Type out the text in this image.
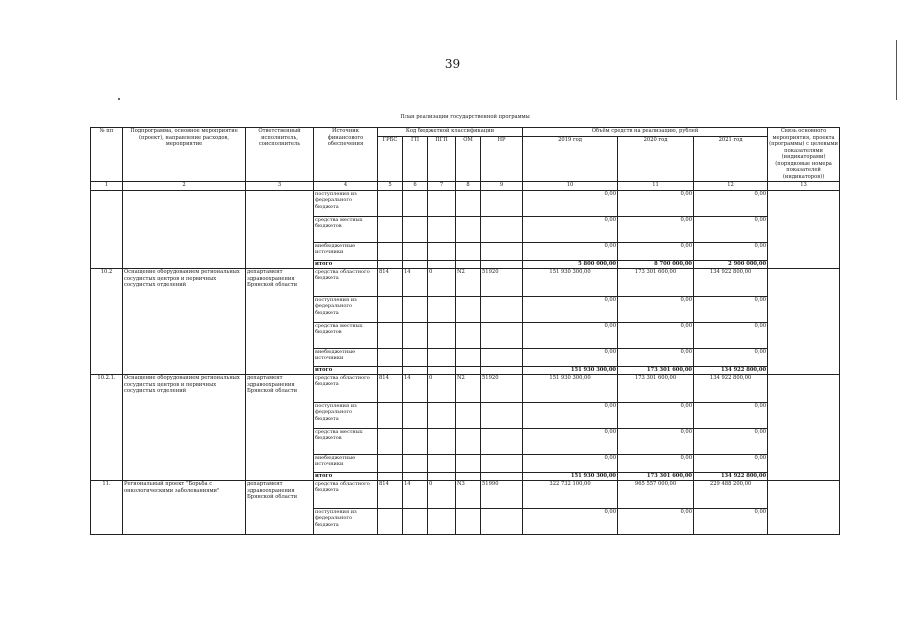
39
План реализации государственной программы
№ пп	Подпрограмма, основное мероприятие (проект), направление расходов, мероприятие	Ответственный исполнитель, соисполнитель	Источник финансового обеспечения	Код бюджетной классификации					Объём средств на реализацию, рублей			Связь основного мероприятия, проекта (программы) с целевыми показателями (индикаторами) (порядковые номера показателей (индикаторов))
				ГРБС	ГП	ПГП	ОМ	НР	2019 год	2020 год	2021 год	
1	2	3	4	5	6	7	8	9	10	11	12	13
			поступления из федерального бюджета						0,00	0,00	0,00	
			средства местных бюджетов						0,00	0,00	0,00	
			внебюджетные источники						0,00	0,00	0,00	
			итого						5 800 000,00	8 700 000,00	2 900 000,00	
10.2	Оснащение оборудованием региональных сосудистых центров и первичных сосудистых отделений	департамент здравоохранения Брянской области	средства областного бюджета	814	14	0	N2	51920	151 930 300,00	173 301 600,00	134 922 800,00	
			поступления из федерального бюджета						0,00	0,00	0,00	
			средства местных бюджетов						0,00	0,00	0,00	
			внебюджетные источники						0,00	0,00	0,00	
			итого						151 930 300,00	173 301 600,00	134 922 800,00	
10.2.1.	Оснащение оборудованием региональных сосудистых центров и первичных сосудистых отделений	департамент здравоохранения Брянской области	средства областного бюджета	814	14	0	N2	51920	151 930 300,00	173 301 600,00	134 922 800,00	
			поступления из федерального бюджета						0,00	0,00	0,00	
			средства местных бюджетов						0,00	0,00	0,00	
			внебюджетные источники						0,00	0,00	0,00	
			итого						151 930 300,00	173 301 600,00	134 922 800,00	
11.	Региональный проект "Борьба с онкологическими заболеваниями"	департамент здравоохранения Брянской области	средства областного бюджета	814	14	0	N3	51990	322 732 100,00	965 557 000,00	229 488 200,00	
			поступления из федерального бюджета						0,00	0,00	0,00	
